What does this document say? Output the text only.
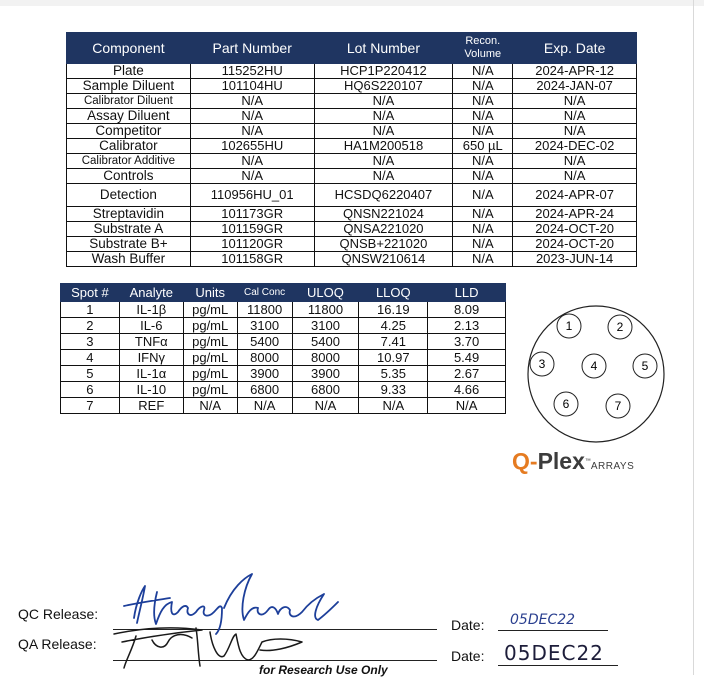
Component	Part Number	Lot Number	Recon. Volume	Exp. Date
Plate	115252HU	HCP1P220412	N/A	2024-APR-12
Sample Diluent	101104HU	HQ6S220107	N/A	2024-JAN-07
Calibrator Diluent	N/A	N/A	N/A	N/A
Assay Diluent	N/A	N/A	N/A	N/A
Competitor	N/A	N/A	N/A	N/A
Calibrator	102655HU	HA1M200518	650 µL	2024-DEC-02
Calibrator Additive	N/A	N/A	N/A	N/A
Controls	N/A	N/A	N/A	N/A
Detection	110956HU_01	HCSDQ6220407	N/A	2024-APR-07
Streptavidin	101173GR	QNSN221024	N/A	2024-APR-24
Substrate A	101159GR	QNSA221020	N/A	2024-OCT-20
Substrate B+	101120GR	QNSB+221020	N/A	2024-OCT-20
Wash Buffer	101158GR	QNSW210614	N/A	2023-JUN-14
Spot #	Analyte	Units	Cal Conc	ULOQ	LLOQ	LLD
1	IL-1β	pg/mL	11800	11800	16.19	8.09
2	IL-6	pg/mL	3100	3100	4.25	2.13
3	TNFα	pg/mL	5400	5400	7.41	3.70
4	IFNγ	pg/mL	8000	8000	10.97	5.49
5	IL-1α	pg/mL	3900	3900	5.35	2.67
6	IL-10	pg/mL	6800	6800	9.33	4.66
7	REF	N/A	N/A	N/A	N/A	N/A
1	2
3	4	5
6	7
Q-Plex™ARRAYS
QC Release:
QA Release:
Date:
Date:
05DEC22
05DEC22
for Research Use Only
